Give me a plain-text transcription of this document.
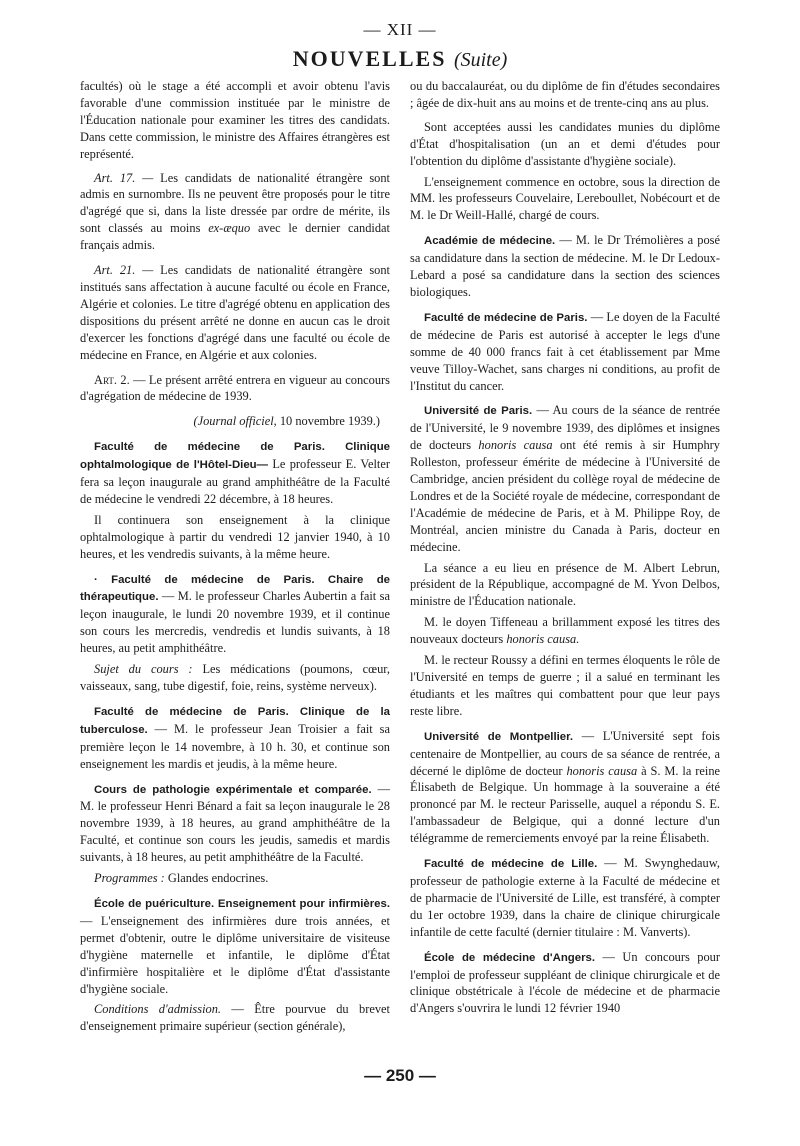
— XII —
NOUVELLES (Suite)

facultés) où le stage a été accompli et avoir obtenu l'avis favorable d'une commission instituée par le ministre de l'Éducation nationale pour examiner les titres des candidats. Dans cette commission, le ministre des Affaires étrangères est représenté.

Art. 17. — Les candidats de nationalité étrangère sont admis en surnombre. Ils ne peuvent être proposés pour le titre d'agrégé que si, dans la liste dressée par ordre de mérite, ils sont classés au moins ex-æquo avec le dernier candidat français admis.

Art. 21. — Les candidats de nationalité étrangère sont institués sans affectation à aucune faculté ou école en France, Algérie et colonies. Le titre d'agrégé obtenu en application des dispositions du présent arrêté ne donne en aucun cas le droit d'exercer les fonctions d'agrégé dans une faculté ou école de médecine en France, en Algérie et aux colonies.

Art. 2. — Le présent arrêté entrera en vigueur au concours d'agrégation de médecine de 1939.

(Journal officiel, 10 novembre 1939.)

Faculté de médecine de Paris. Clinique ophtalmologique de l'Hôtel-Dieu— Le professeur E. Velter fera sa leçon inaugurale au grand amphithéâtre de la Faculté de médecine le vendredi 22 décembre, à 18 heures.

Il continuera son enseignement à la clinique ophtalmologique à partir du vendredi 12 janvier 1940, à 10 heures, et les vendredis suivants, à la même heure.

· Faculté de médecine de Paris. Chaire de thérapeutique. — M. le professeur Charles Aubertin a fait sa leçon inaugurale, le lundi 20 novembre 1939, et il continue son cours les mercredis, vendredis et lundis suivants, à 18 heures, au petit amphithéâtre.

Sujet du cours : Les médications (poumons, cœur, vaisseaux, sang, tube digestif, foie, reins, système nerveux).

Faculté de médecine de Paris. Clinique de la tuberculose. — M. le professeur Jean Troisier a fait sa première leçon le 14 novembre, à 10 h. 30, et continue son enseignement les mardis et jeudis, à la même heure.

Cours de pathologie expérimentale et comparée. — M. le professeur Henri Bénard a fait sa leçon inaugurale le 28 novembre 1939, à 18 heures, au grand amphithéâtre de la Faculté, et continue son cours les jeudis, samedis et mardis suivants, à 18 heures, au petit amphithéâtre de la Faculté.

Programmes : Glandes endocrines.

École de puériculture. Enseignement pour infirmières. — L'enseignement des infirmières dure trois années, et permet d'obtenir, outre le diplôme universitaire de visiteuse d'hygiène maternelle et infantile, le diplôme d'État d'infirmière hospitalière et le diplôme d'État d'assistante d'hygiène sociale.

Conditions d'admission. — Être pourvue du brevet d'enseignement primaire supérieur (section générale),

ou du baccalauréat, ou du diplôme de fin d'études secondaires ; âgée de dix-huit ans au moins et de trente-cinq ans au plus.

Sont acceptées aussi les candidates munies du diplôme d'État d'hospitalisation (un an et demi d'études pour l'obtention du diplôme d'assistante d'hygiène sociale).

L'enseignement commence en octobre, sous la direction de MM. les professeurs Couvelaire, Lereboullet, Nobécourt et de M. le Dr Weill-Hallé, chargé de cours.

Académie de médecine. — M. le Dr Trémolières a posé sa candidature dans la section de médecine. M. le Dr Ledoux-Lebard a posé sa candidature dans la section des sciences biologiques.

Faculté de médecine de Paris. — Le doyen de la Faculté de médecine de Paris est autorisé à accepter le legs d'une somme de 40 000 francs fait à cet établissement par Mme veuve Tilloy-Wachet, sans charges ni conditions, au profit de l'Institut du cancer.

Université de Paris. — Au cours de la séance de rentrée de l'Université, le 9 novembre 1939, des diplômes et insignes de docteurs honoris causa ont été remis à sir Humphry Rolleston, professeur émérite de médecine à l'Université de Cambridge, ancien président du collège royal de médecine de Londres et de la Société royale de médecine, correspondant de l'Académie de médecine de Paris, et à M. Philippe Roy, de Montréal, ancien ministre du Canada à Paris, docteur en médecine.

La séance a eu lieu en présence de M. Albert Lebrun, président de la République, accompagné de M. Yvon Delbos, ministre de l'Éducation nationale.

M. le doyen Tiffeneau a brillamment exposé les titres des nouveaux docteurs honoris causa.

M. le recteur Roussy a défini en termes éloquents le rôle de l'Université en temps de guerre ; il a salué en terminant les étudiants et les maîtres qui combattent pour que leur pays reste libre.

Université de Montpellier. — L'Université sept fois centenaire de Montpellier, au cours de sa séance de rentrée, a décerné le diplôme de docteur honoris causa à S. M. la reine Élisabeth de Belgique. Un hommage à la souveraine a été prononcé par M. le recteur Parisselle, auquel a répondu S. E. l'ambassadeur de Belgique, qui a donné lecture d'un télégramme de remerciements envoyé par la reine Élisabeth.

Faculté de médecine de Lille. — M. Swynghedauw, professeur de pathologie externe à la Faculté de médecine et de pharmacie de l'Université de Lille, est transféré, à compter du 1er octobre 1939, dans la chaire de clinique chirurgicale infantile de cette faculté (dernier titulaire : M. Vanverts).

École de médecine d'Angers. — Un concours pour l'emploi de professeur suppléant de clinique chirurgicale et de clinique obstétricale à l'école de médecine et de pharmacie d'Angers s'ouvrira le lundi 12 février 1940

— 250 —
